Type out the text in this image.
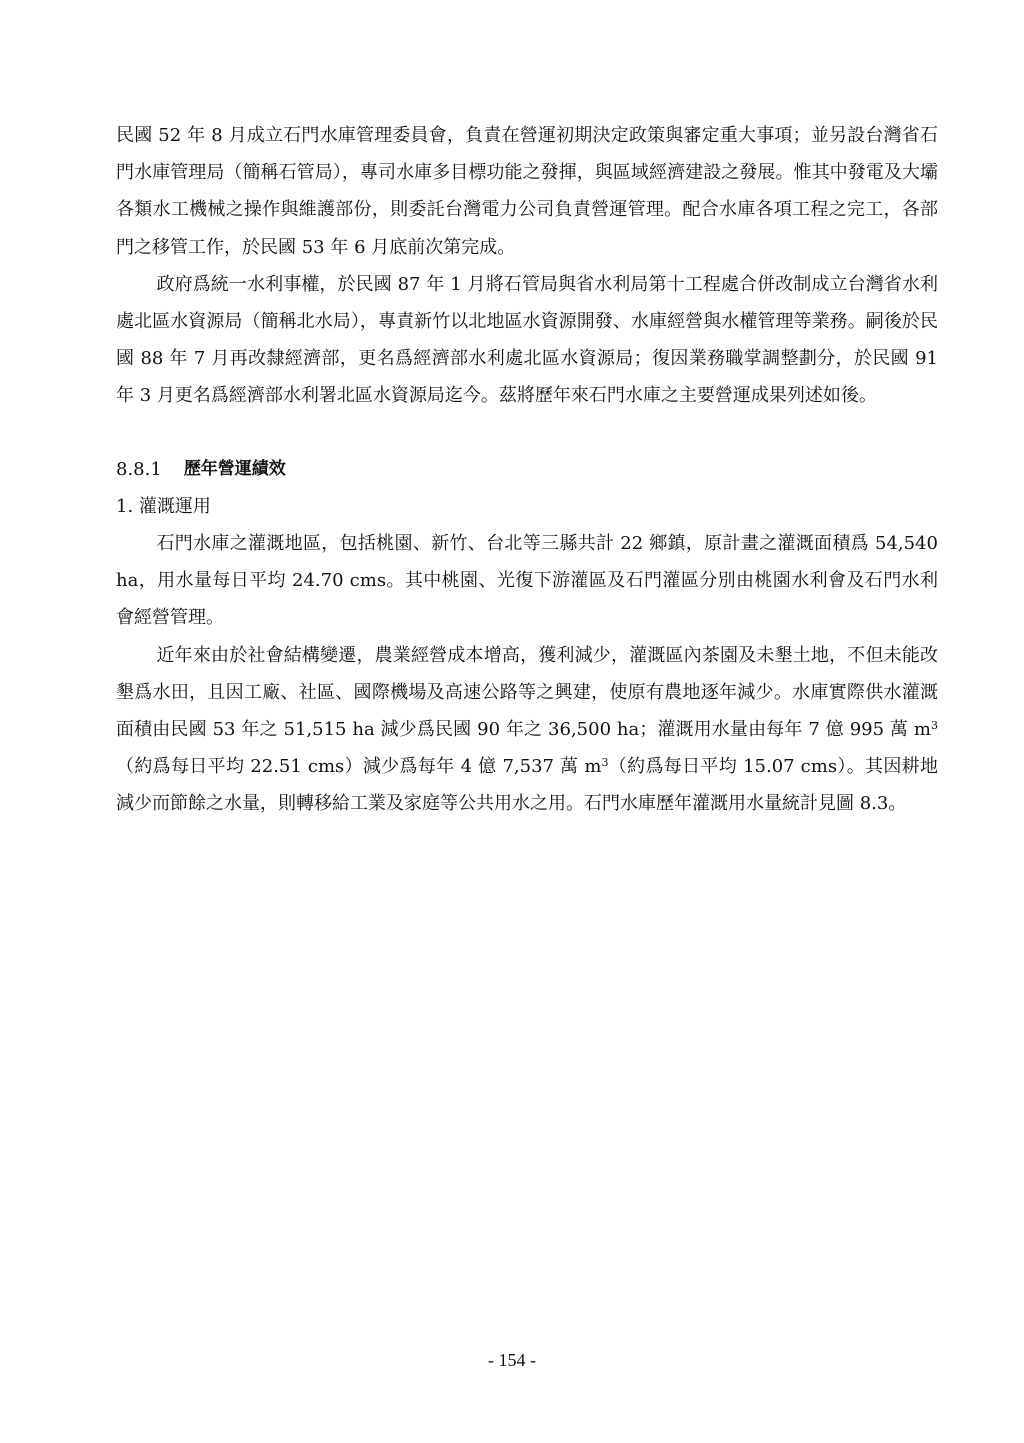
民國 52 年 8 月成立石門水庫管理委員會，負責在營運初期決定政策與審定重大事項；並另設台灣省石門水庫管理局（簡稱石管局），專司水庫多目標功能之發揮，與區域經濟建設之發展。惟其中發電及大壩各類水工機械之操作與維護部份，則委託台灣電力公司負責營運管理。配合水庫各項工程之完工，各部門之移管工作，於民國 53 年 6 月底前次第完成。

政府爲統一水利事權，於民國 87 年 1 月將石管局與省水利局第十工程處合併改制成立台灣省水利處北區水資源局（簡稱北水局），專責新竹以北地區水資源開發、水庫經營與水權管理等業務。嗣後於民國 88 年 7 月再改隸經濟部，更名爲經濟部水利處北區水資源局；復因業務職掌調整劃分，於民國 91 年 3 月更名爲經濟部水利署北區水資源局迄今。茲將歷年來石門水庫之主要營運成果列述如後。

8.8.1 歷年營運績效

1. 灌溉運用

石門水庫之灌溉地區，包括桃園、新竹、台北等三縣共計 22 鄉鎮，原計畫之灌溉面積爲 54,540 ha，用水量每日平均 24.70 cms。其中桃園、光復下游灌區及石門灌區分別由桃園水利會及石門水利會經營管理。

近年來由於社會結構變遷，農業經營成本增高，獲利減少，灌溉區內茶園及未墾土地，不但未能改墾爲水田，且因工廠、社區、國際機場及高速公路等之興建，使原有農地逐年減少。水庫實際供水灌溉面積由民國 53 年之 51,515 ha 減少爲民國 90 年之 36,500 ha；灌溉用水量由每年 7 億 995 萬 $m^3$（約爲每日平均 22.51 cms）減少爲每年 4 億 7,537 萬 $m^3$（約爲每日平均 15.07 cms）。其因耕地減少而節餘之水量，則轉移給工業及家庭等公共用水之用。石門水庫歷年灌溉用水量統計見圖 8.3。

- 154 -
